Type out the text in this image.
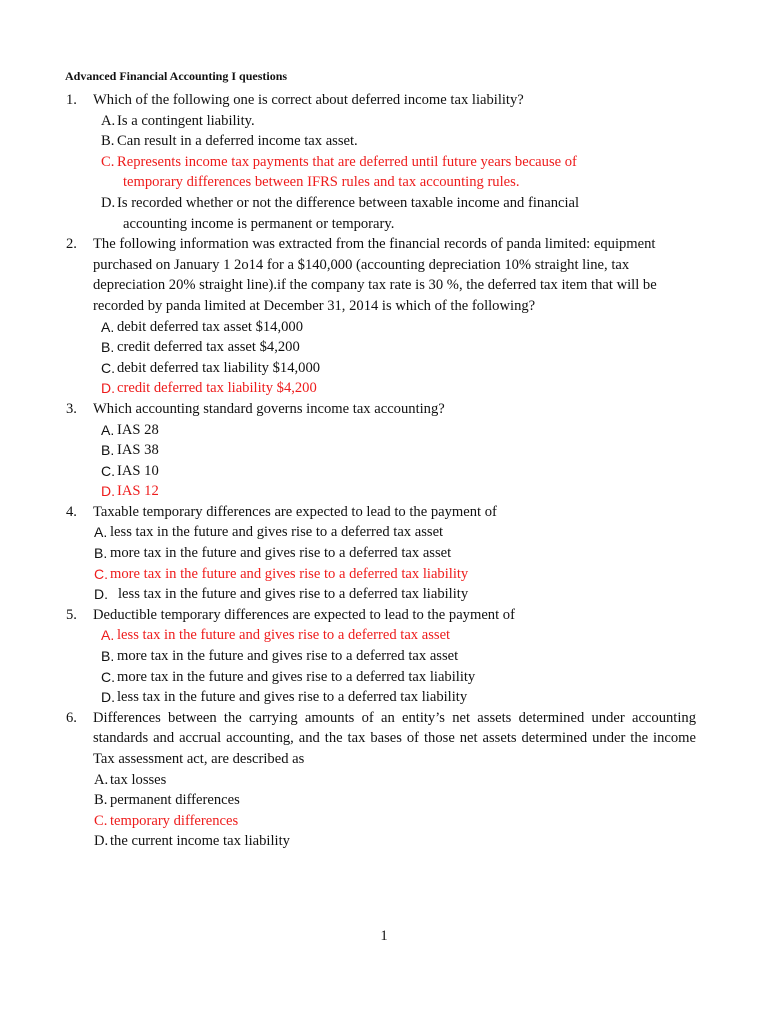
Advanced Financial Accounting I questions
1.	Which of the following one is correct about deferred income tax liability?
A. Is a contingent liability.
B. Can result in a deferred income tax asset.
C. Represents income tax payments that are deferred until future years because of temporary differences between IFRS rules and tax accounting rules.
D. Is recorded whether or not the difference between taxable income and financial accounting income is permanent or temporary.
2.	The following information was extracted from the financial records of panda limited: equipment purchased on January 1 2o14 for a $140,000 (accounting depreciation 10% straight line, tax depreciation 20% straight line).if the company tax rate is 30 %, the deferred tax item that will be recorded by panda limited at December 31, 2014 is which of the following?
A. debit deferred tax asset $14,000
B. credit deferred tax asset $4,200
C. debit deferred tax liability $14,000
D. credit deferred tax liability $4,200
3.	Which accounting standard governs income tax accounting?
A. IAS 28
B. IAS 38
C. IAS 10
D. IAS 12
4.	Taxable temporary differences are expected to lead to the payment of
A. less tax in the future and gives rise to a deferred tax asset
B. more tax in the future and gives rise to a deferred tax asset
C. more tax in the future and gives rise to a deferred tax liability
D. less tax in the future and gives rise to a deferred tax liability
5.	Deductible temporary differences are expected to lead to the payment of
A. less tax in the future and gives rise to a deferred tax asset
B. more tax in the future and gives rise to a deferred tax asset
C. more tax in the future and gives rise to a deferred tax liability
D. less tax in the future and gives rise to a deferred tax liability
6.	Differences between the carrying amounts of an entity’s net assets determined under accounting standards and accrual accounting, and the tax bases of those net assets determined under the income Tax assessment act, are described as
A. tax losses
B. permanent differences
C. temporary differences
D. the current income tax liability
1
